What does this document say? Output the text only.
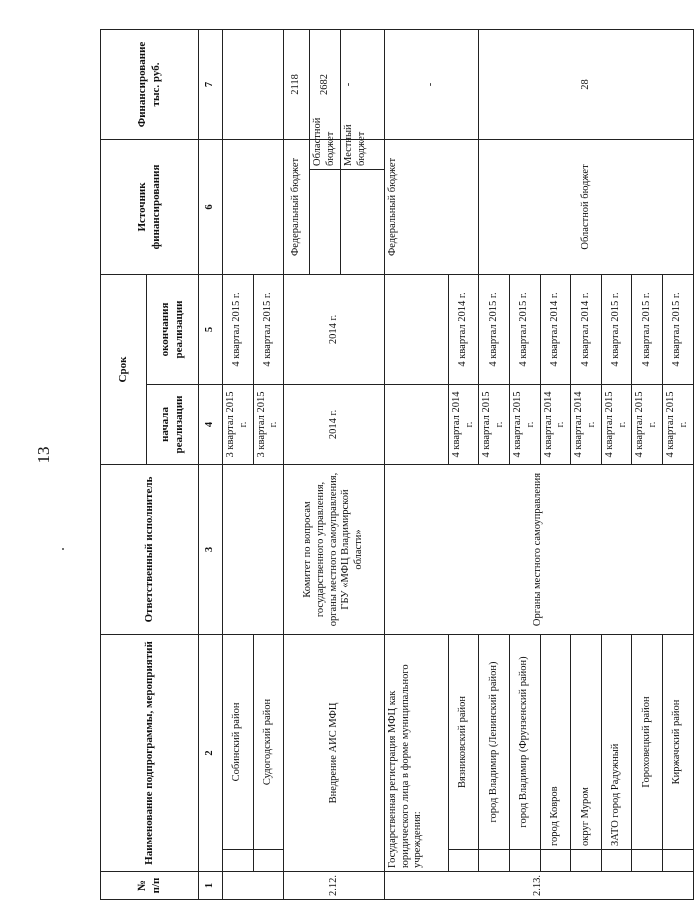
13
№ п/п	Наименование подпрограммы, мероприятий		Ответственный исполнитель	Срок		Источник финансирования		Финансирование тыс. руб.
				начала реализации	окончания реализации			
1	2		3	4	5	6		7
		Собинский район		3 квартал 2015 г.	4 квартал 2015 г.			
		Судогодский район		3 квартал 2015 г.	4 квартал 2015 г.			
2.12.	Внедрение АИС МФЦ		Комитет по вопросам государственного управления, органы местного самоуправления, ГБУ «МФЦ Владимирской области»	2014 г.	2014 г.	Федеральный бюджет		2118
							Областной бюджет	2682
							Местный бюджет	-
2.13.	Государственная регистрация МФЦ как юридического лица в форме муниципального учреждения:		Органы местного самоуправления			Федеральный бюджет		-
		Вязниковский район		4 квартал 2014 г.	4 квартал 2014 г.			
		город Владимир (Ленинский район)		4 квартал 2015 г.	4 квартал 2015 г.	Областной бюджет		28
		город Владимир (Фрунзенский район)		4 квартал 2015 г.	4 квартал 2015 г.			
		город Ковров		4 квартал 2014 г.	4 квартал 2014 г.			
		округ Муром		4 квартал 2014 г.	4 квартал 2014 г.			
		ЗАТО город Радужный		4 квартал 2015 г.	4 квартал 2015 г.			
		Гороховецкий район		4 квартал 2015 г.	4 квартал 2015 г.			
		Киржачский район		4 квартал 2015 г.	4 квартал 2015 г.			
